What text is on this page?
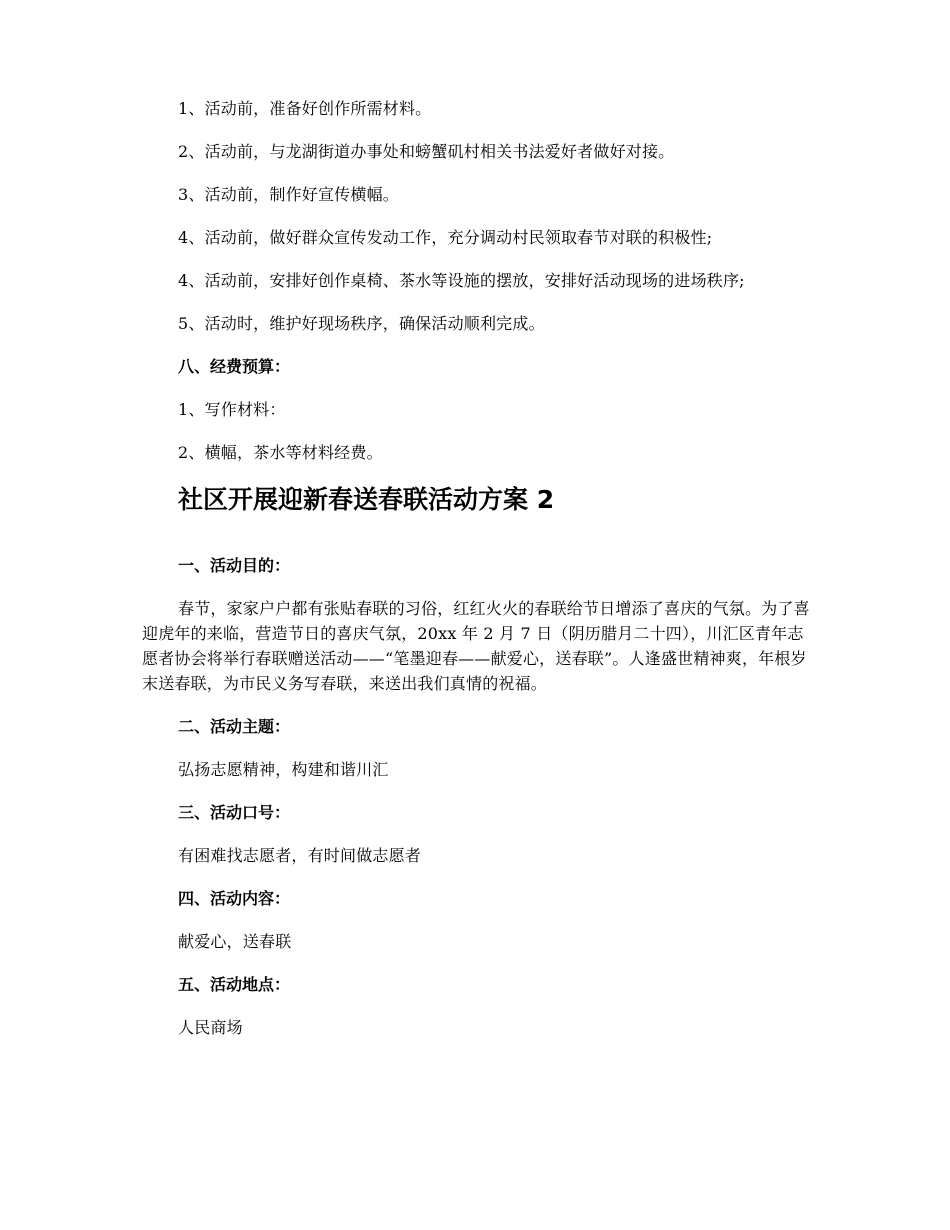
1、活动前，准备好创作所需材料。

2、活动前，与龙湖街道办事处和螃蟹矶村相关书法爱好者做好对接。

3、活动前，制作好宣传横幅。

4、活动前，做好群众宣传发动工作，充分调动村民领取春节对联的积极性;

4、活动前，安排好创作桌椅、茶水等设施的摆放，安排好活动现场的进场秩序;

5、活动时，维护好现场秩序，确保活动顺利完成。

八、经费预算：

1、写作材料：

2、横幅，茶水等材料经费。

社区开展迎新春送春联活动方案 2

一、活动目的：

春节，家家户户都有张贴春联的习俗，红红火火的春联给节日增添了喜庆的气氛。为了喜迎虎年的来临，营造节日的喜庆气氛，20xx 年 2 月 7 日（阴历腊月二十四），川汇区青年志愿者协会将举行春联赠送活动——“笔墨迎春——献爱心，送春联”。人逢盛世精神爽，年根岁末送春联，为市民义务写春联，来送出我们真情的祝福。

二、活动主题：

弘扬志愿精神，构建和谐川汇

三、活动口号：

有困难找志愿者，有时间做志愿者

四、活动内容：

献爱心，送春联

五、活动地点：

人民商场
